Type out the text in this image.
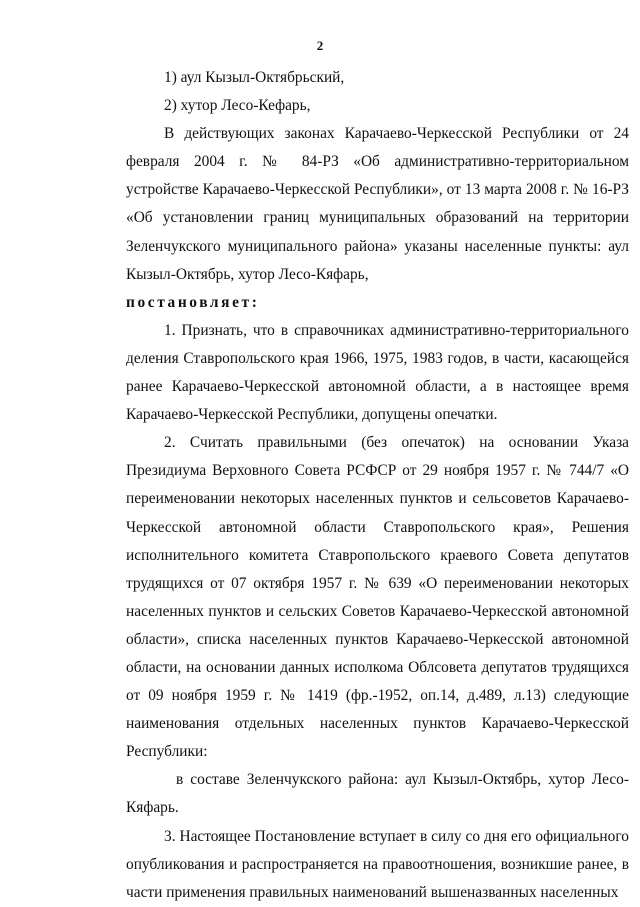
2

1) аул Кызыл-Октябрьский,

2) хутор Лесо-Кефарь,

В действующих законах Карачаево-Черкесской Республики от 24 февраля 2004 г. № 84-РЗ «Об административно-территориальном устройстве Карачаево-Черкесской Республики», от 13 марта 2008 г. № 16-РЗ «Об установлении границ муниципальных образований на территории Зеленчукского муниципального района» указаны населенные пункты: аул Кызыл-Октябрь, хутор Лесо-Кяфарь,

постановляет:

1. Признать, что в справочниках административно-территориального деления Ставропольского края 1966, 1975, 1983 годов, в части, касающейся ранее Карачаево-Черкесской автономной области, а в настоящее время Карачаево-Черкесской Республики, допущены опечатки.

2. Считать правильными (без опечаток) на основании Указа Президиума Верховного Совета РСФСР от 29 ноября 1957 г. № 744/7 «О переименовании некоторых населенных пунктов и сельсоветов Карачаево-Черкесской автономной области Ставропольского края», Решения исполнительного комитета Ставропольского краевого Совета депутатов трудящихся от 07 октября 1957 г. № 639 «О переименовании некоторых населенных пунктов и сельских Советов Карачаево-Черкесской автономной области», списка населенных пунктов Карачаево-Черкесской автономной области, на основании данных исполкома Облсовета депутатов трудящихся от 09 ноября 1959 г. № 1419 (фр.-1952, оп.14, д.489, л.13) следующие наименования отдельных населенных пунктов Карачаево-Черкесской Республики:

в составе Зеленчукского района: аул Кызыл-Октябрь, хутор Лесо-Кяфарь.

3. Настоящее Постановление вступает в силу со дня его официального опубликования и распространяется на правоотношения, возникшие ранее, в части применения правильных наименований вышеназванных населенных
